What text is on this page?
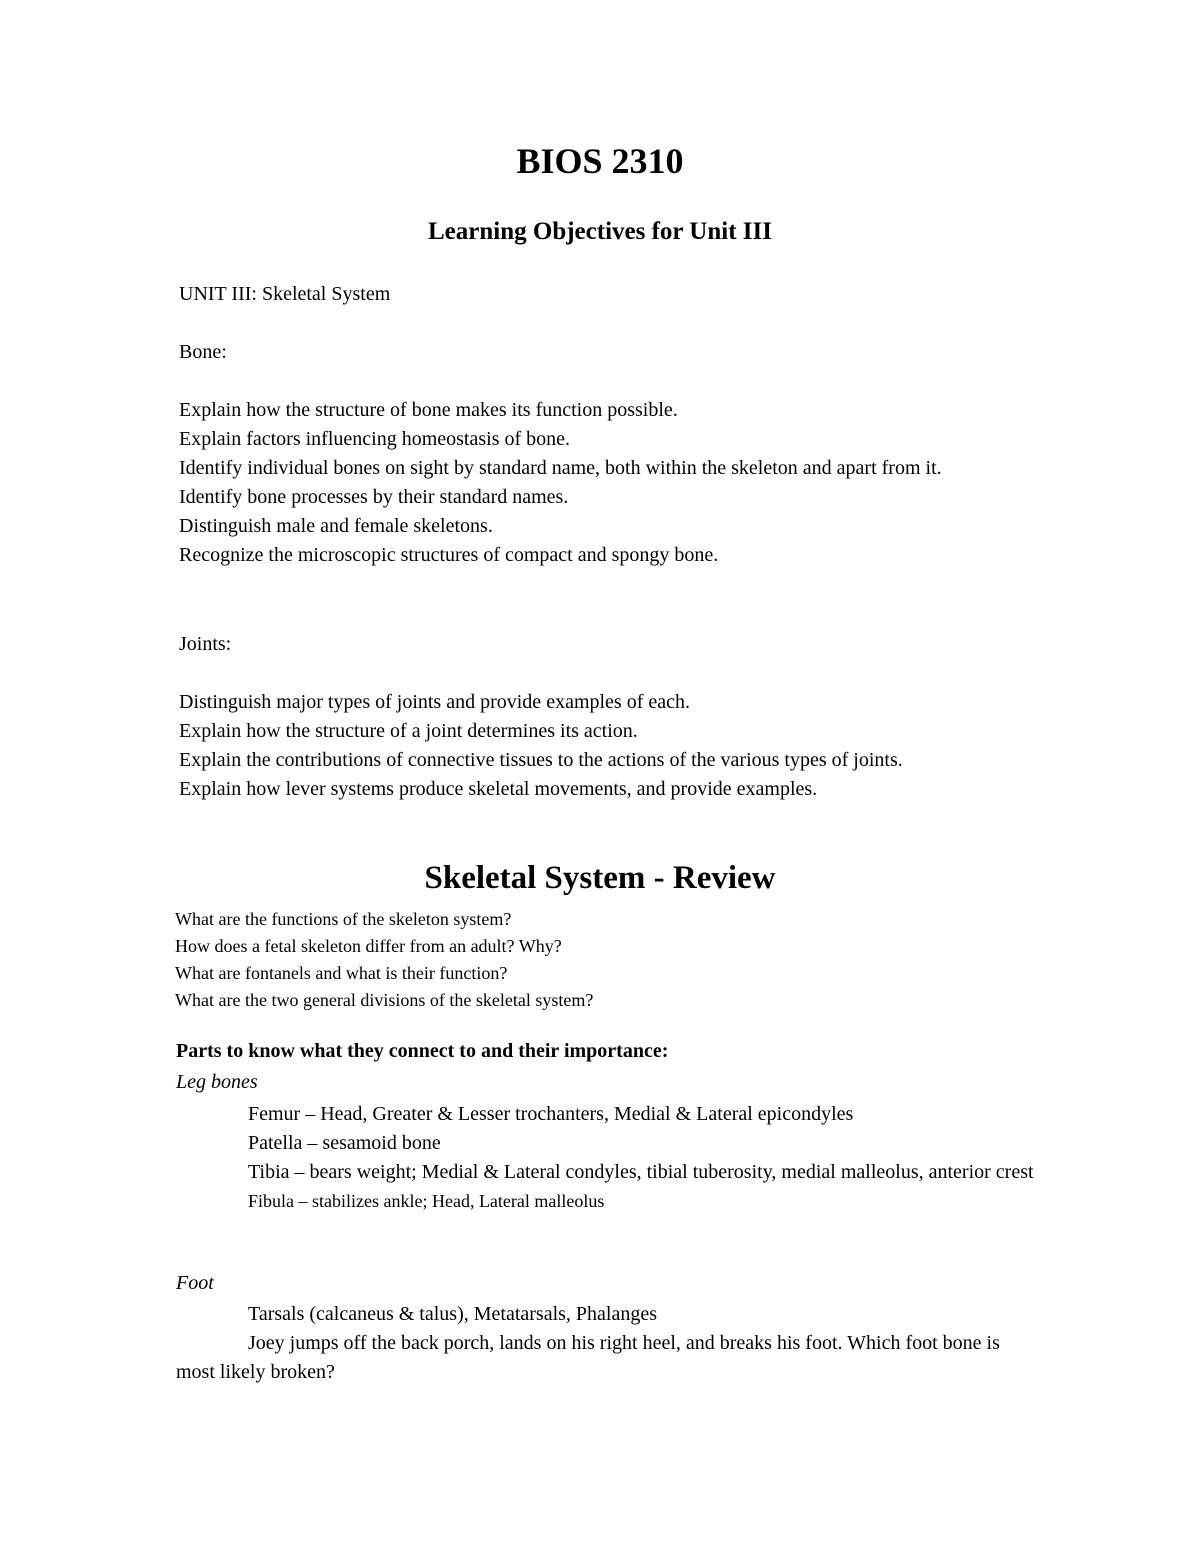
BIOS 2310
Learning Objectives for Unit III

UNIT III: Skeletal System

Bone:

Explain how the structure of bone makes its function possible.

Explain factors influencing homeostasis of bone.

Identify individual bones on sight by standard name, both within the skeleton and apart from it.

Identify bone processes by their standard names.

Distinguish male and female skeletons.

Recognize the microscopic structures of compact and spongy bone.

Joints:

Distinguish major types of joints and provide examples of each.

Explain how the structure of a joint determines its action.

Explain the contributions of connective tissues to the actions of the various types of joints.

Explain how lever systems produce skeletal movements, and provide examples.

Skeletal System - Review

What are the functions of the skeleton system?

How does a fetal skeleton differ from an adult? Why?

What are fontanels and what is their function?

What are the two general divisions of the skeletal system?

Parts to know what they connect to and their importance:

Leg bones

Femur – Head, Greater & Lesser trochanters, Medial & Lateral epicondyles

Patella – sesamoid bone

Tibia – bears weight; Medial & Lateral condyles, tibial tuberosity, medial malleolus, anterior crest

Fibula – stabilizes ankle; Head, Lateral malleolus

Foot

Tarsals (calcaneus & talus), Metatarsals, Phalanges

Joey jumps off the back porch, lands on his right heel, and breaks his foot. Which foot bone is most likely broken?
